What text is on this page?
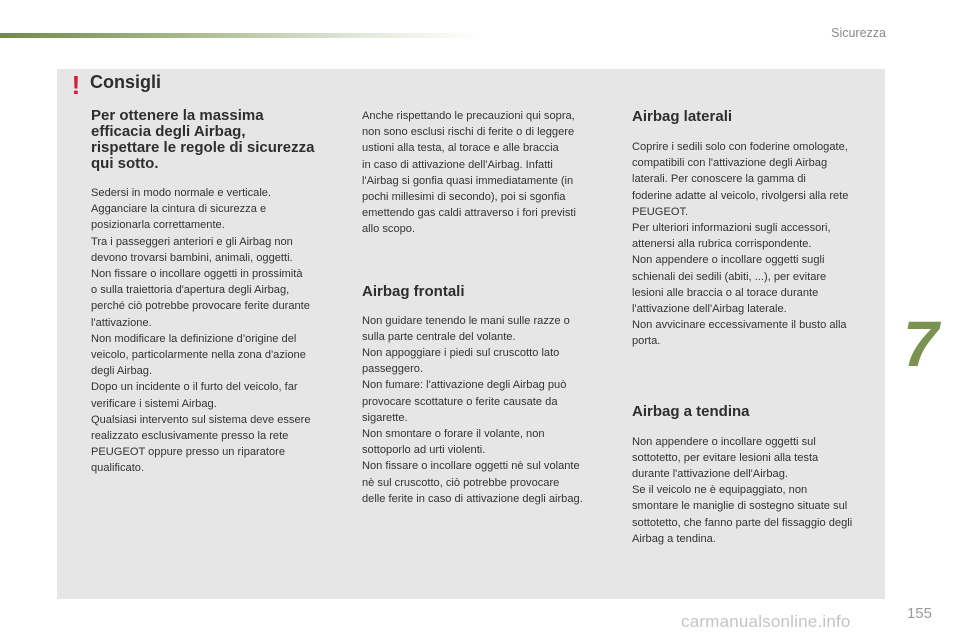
Sicurezza
! Consigli
Per ottenere la massima
efficacia degli Airbag,
rispettare le regole di sicurezza
qui sotto.

Sedersi in modo normale e verticale.
Agganciare la cintura di sicurezza e
posizionarla correttamente.
Tra i passeggeri anteriori e gli Airbag non
devono trovarsi bambini, animali, oggetti.
Non fissare o incollare oggetti in prossimità
o sulla traiettoria d'apertura degli Airbag,
perché ciò potrebbe provocare ferite durante
l'attivazione.
Non modificare la definizione d’origine del
veicolo, particolarmente nella zona d'azione
degli Airbag.
Dopo un incidente o il furto del veicolo, far
verificare i sistemi Airbag.
Qualsiasi intervento sul sistema deve essere
realizzato esclusivamente presso la rete
PEUGEOT oppure presso un riparatore
qualificato.

Anche rispettando le precauzioni qui sopra,
non sono esclusi rischi di ferite o di leggere
ustioni alla testa, al torace e alle braccia
in caso di attivazione dell'Airbag. Infatti
l'Airbag si gonfia quasi immediatamente (in
pochi millesimi di secondo), poi si sgonfia
emettendo gas caldi attraverso i fori previsti
allo scopo.

Airbag frontali

Non guidare tenendo le mani sulle razze o
sulla parte centrale del volante.
Non appoggiare i piedi sul cruscotto lato
passeggero.
Non fumare: l'attivazione degli Airbag può
provocare scottature o ferite causate da
sigarette.
Non smontare o forare il volante, non
sottoporlo ad urti violenti.
Non fissare o incollare oggetti nè sul volante
nè sul cruscotto, ciò potrebbe provocare
delle ferite in caso di attivazione degli airbag.

Airbag laterali

Coprire i sedili solo con foderine omologate,
compatibili con l'attivazione degli Airbag
laterali. Per conoscere la gamma di
foderine adatte al veicolo, rivolgersi alla rete
PEUGEOT.
Per ulteriori informazioni sugli accessori,
attenersi alla rubrica corrispondente.
Non appendere o incollare oggetti sugli
schienali dei sedili (abiti, ...), per evitare
lesioni alle braccia o al torace durante
l'attivazione dell'Airbag laterale.
Non avvicinare eccessivamente il busto alla
porta.

Airbag a tendina

Non appendere o incollare oggetti sul
sottotetto, per evitare lesioni alla testa
durante l'attivazione dell'Airbag.
Se il veicolo ne è equipaggiato, non
smontare le maniglie di sostegno situate sul
sottotetto, che fanno parte del fissaggio degli
Airbag a tendina.

7
carmanualsonline.info	155
